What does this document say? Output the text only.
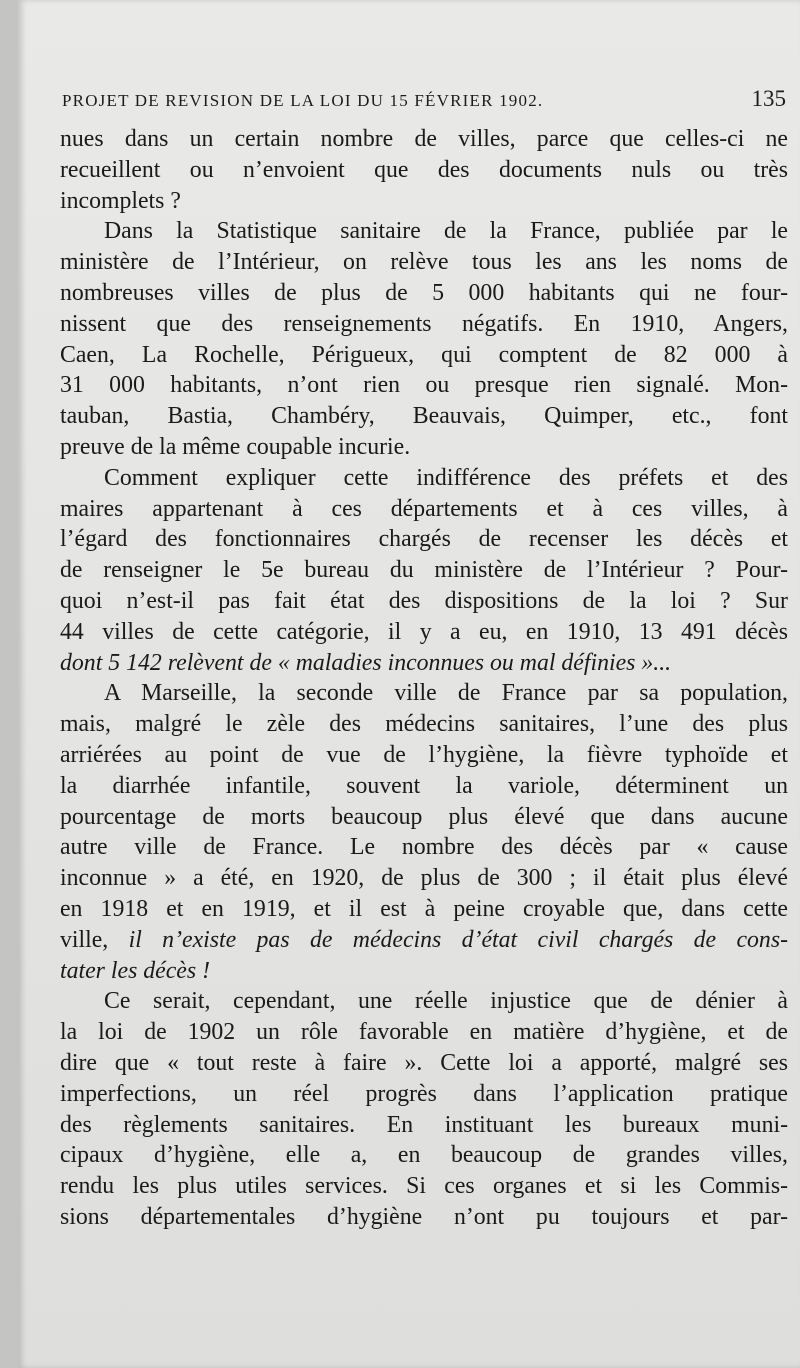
PROJET DE REVISION DE LA LOI DU 15 FÉVRIER 1902.	135
nues dans un certain nombre de villes, parce que celles-ci ne
recueillent ou n’envoient que des documents nuls ou très
incomplets ?
Dans la Statistique sanitaire de la France, publiée par le
ministère de l’Intérieur, on relève tous les ans les noms de
nombreuses villes de plus de 5 000 habitants qui ne four-
nissent que des renseignements négatifs. En 1910, Angers,
Caen, La Rochelle, Périgueux, qui comptent de 82 000 à
31 000 habitants, n’ont rien ou presque rien signalé. Mon-
tauban, Bastia, Chambéry, Beauvais, Quimper, etc., font
preuve de la même coupable incurie.
Comment expliquer cette indifférence des préfets et des
maires appartenant à ces départements et à ces villes, à
l’égard des fonctionnaires chargés de recenser les décès et
de renseigner le 5e bureau du ministère de l’Intérieur ? Pour-
quoi n’est-il pas fait état des dispositions de la loi ? Sur
44 villes de cette catégorie, il y a eu, en 1910, 13 491 décès
dont 5 142 relèvent de « maladies inconnues ou mal définies »...
A Marseille, la seconde ville de France par sa population,
mais, malgré le zèle des médecins sanitaires, l’une des plus
arriérées au point de vue de l’hygiène, la fièvre typhoïde et
la diarrhée infantile, souvent la variole, déterminent un
pourcentage de morts beaucoup plus élevé que dans aucune
autre ville de France. Le nombre des décès par « cause
inconnue » a été, en 1920, de plus de 300 ; il était plus élevé
en 1918 et en 1919, et il est à peine croyable que, dans cette
ville, il n’existe pas de médecins d’état civil chargés de cons-
tater les décès !
Ce serait, cependant, une réelle injustice que de dénier à
la loi de 1902 un rôle favorable en matière d’hygiène, et de
dire que « tout reste à faire ». Cette loi a apporté, malgré ses
imperfections, un réel progrès dans l’application pratique
des règlements sanitaires. En instituant les bureaux muni-
cipaux d’hygiène, elle a, en beaucoup de grandes villes,
rendu les plus utiles services. Si ces organes et si les Commis-
sions départementales d’hygiène n’ont pu toujours et par-
